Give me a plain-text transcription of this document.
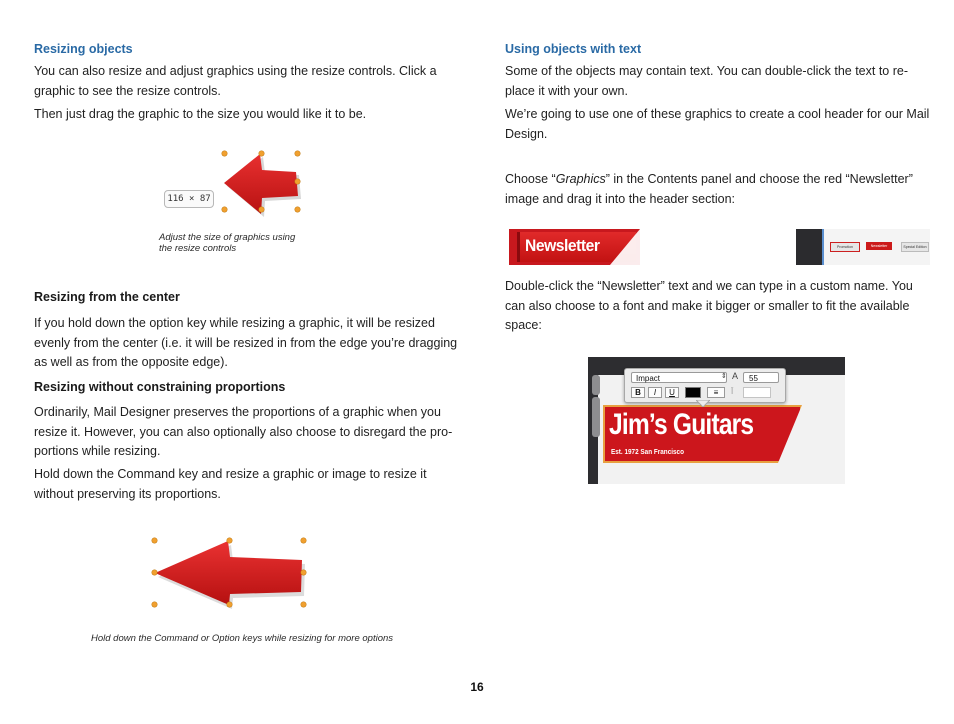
Resizing objects
You can also resize and adjust graphics using the resize controls. Click a
graphic to see the resize controls.
Then just drag the graphic to the size you would like it to be.
116 × 87
Adjust the size of graphics using
the resize controls
Resizing from the center
If you hold down the option key while resizing a graphic, it will be resized
evenly from the center (i.e. it will be resized in from the edge you’re dragging
as well as from the opposite edge).
Resizing without constraining proportions
Ordinarily, Mail Designer preserves the proportions of a graphic when you
resize it. However, you can also optionally also choose to disregard the pro-
portions while resizing.
Hold down the Command key and resize a graphic or image to resize it
without preserving its proportions.
Hold down the Command or Option keys while resizing for more options
Using objects with text
Some of the objects may contain text. You can double-click the text to re-
place it with your own.
We’re going to use one of these graphics to create a cool header for our Mail
Design.
Choose “Graphics” in the Contents panel and choose the red “Newsletter”
image and drag it into the header section:
Newsletter	Promotion	Newsletter	Special Edition
Double-click the “Newsletter” text and we can type in a custom name. You
can also choose to a font and make it bigger or smaller to fit the available
space:
Jim’s Guitars
Est. 1972 San Francisco
Impact	⇕ A	55
B	I	U	≡	Ī
16
